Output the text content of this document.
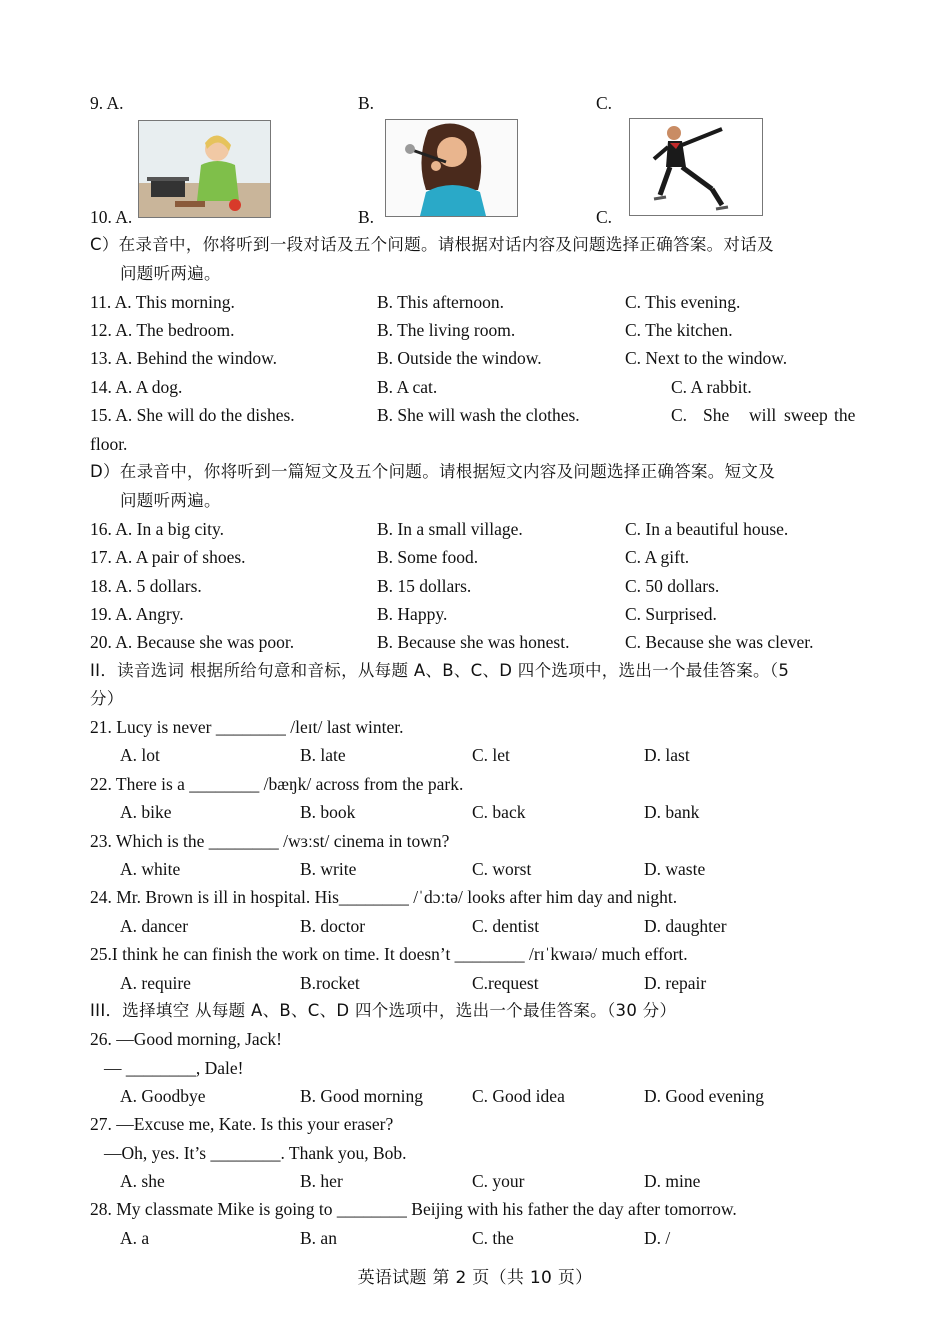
9. A.	B.	C.
10. A.	B.	C.
C）在录音中，你将听到一段对话及五个问题。请根据对话内容及问题选择正确答案。对话及
问题听两遍。
11. A. This morning.	B. This afternoon.	C. This evening.
12. A. The bedroom.	B. The living room.	C. The kitchen.
13. A. Behind the window.	B. Outside the window.	C. Next to the window.
14. A. A dog.	B. A cat.	C. A rabbit.
15. A. She will do the dishes.	B. She will wash the clothes.	C. She will sweep the
floor.
D）在录音中，你将听到一篇短文及五个问题。请根据短文内容及问题选择正确答案。短文及
问题听两遍。
16. A. In a big city.	B. In a small village.	C. In a beautiful house.
17. A. A pair of shoes.	B. Some food.	C. A gift.
18. A. 5 dollars.	B. 15 dollars.	C. 50 dollars.
19. A. Angry.	B. Happy.	C. Surprised.
20. A. Because she was poor.	B. Because she was honest.	C. Because she was clever.
II．读音选词 根据所给句意和音标，从每题 A、B、C、D 四个选项中，选出一个最佳答案。（5
分）
21. Lucy is never ________ /leɪt/ last winter.
A. lot	B. late	C. let	D. last
22. There is a ________ /bæŋk/ across from the park.
A. bike	B. book	C. back	D. bank
23. Which is the ________ /wɜːst/ cinema in town?
A. white	B. write	C. worst	D. waste
24. Mr. Brown is ill in hospital. His________ /ˈdɔːtə/ looks after him day and night.
A. dancer	B. doctor	C. dentist	D. daughter
25.I think he can finish the work on time. It doesn’t ________ /rɪˈkwaɪə/ much effort.
A. require	B.rocket	C.request	D. repair
III．选择填空 从每题 A、B、C、D 四个选项中，选出一个最佳答案。（30 分）
26. —Good morning, Jack!
— ________, Dale!
A. Goodbye	B. Good morning	C. Good idea	D. Good evening
27. —Excuse me, Kate. Is this your eraser?
—Oh, yes. It’s ________. Thank you, Bob.
A. she	B. her	C. your	D. mine
28. My classmate Mike is going to ________ Beijing with his father the day after tomorrow.
A. a	B. an	C. the	D. /
英语试题 第 2 页（共 10 页）
